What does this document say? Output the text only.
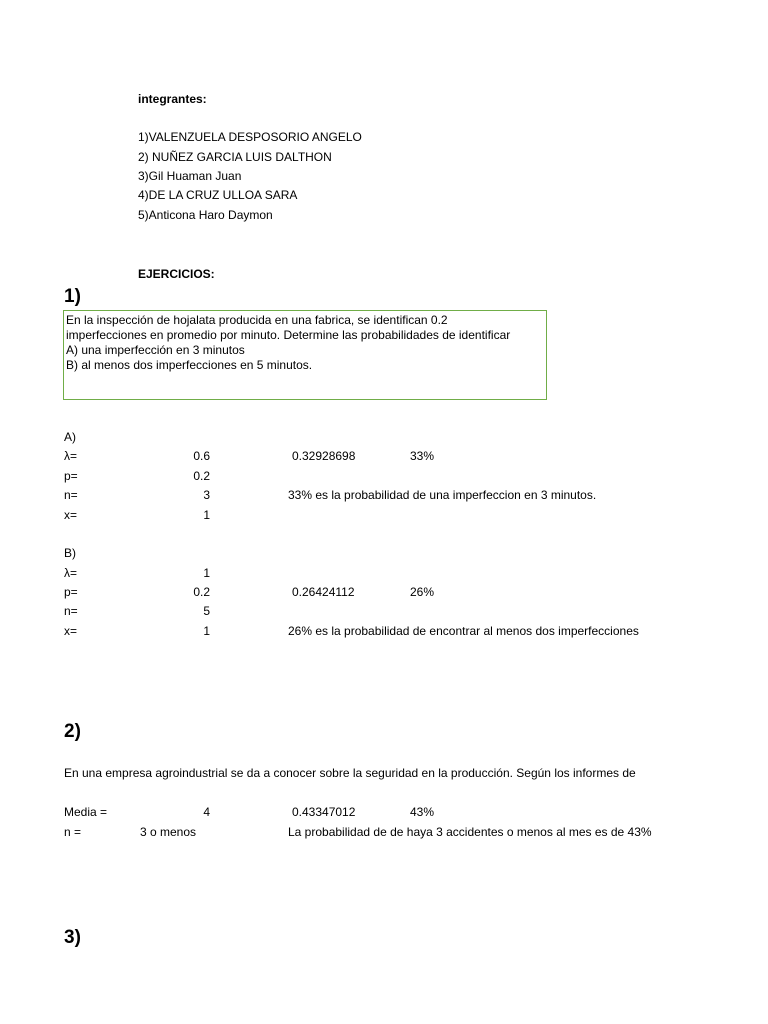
integrantes:
1)VALENZUELA DESPOSORIO ANGELO
2) NUÑEZ GARCIA LUIS DALTHON
3)Gil Huaman Juan
4)DE LA CRUZ ULLOA SARA
5)Anticona Haro Daymon
EJERCICIOS:
1)
En la inspección de hojalata producida en una fabrica, se identifican 0.2
imperfecciones en promedio por minuto. Determine las probabilidades de identificar
A) una imperfección en 3 minutos
B) al menos dos imperfecciones en 5 minutos.
A)
λ=	0.6	0.32928698	33%
p=	0.2
n=	3	33% es la probabilidad de una imperfeccion en 3 minutos.
x=	1
B)
λ=	1
p=	0.2	0.26424112	26%
n=	5
x=	1	26% es la probabilidad de encontrar al menos dos imperfecciones
2)
En una empresa agroindustrial se da a conocer sobre la seguridad en la producción. Según los informes de
Media =	4	0.43347012	43%
n =	3 o menos	La probabilidad de de haya 3 accidentes o menos al mes es de 43%
3)
